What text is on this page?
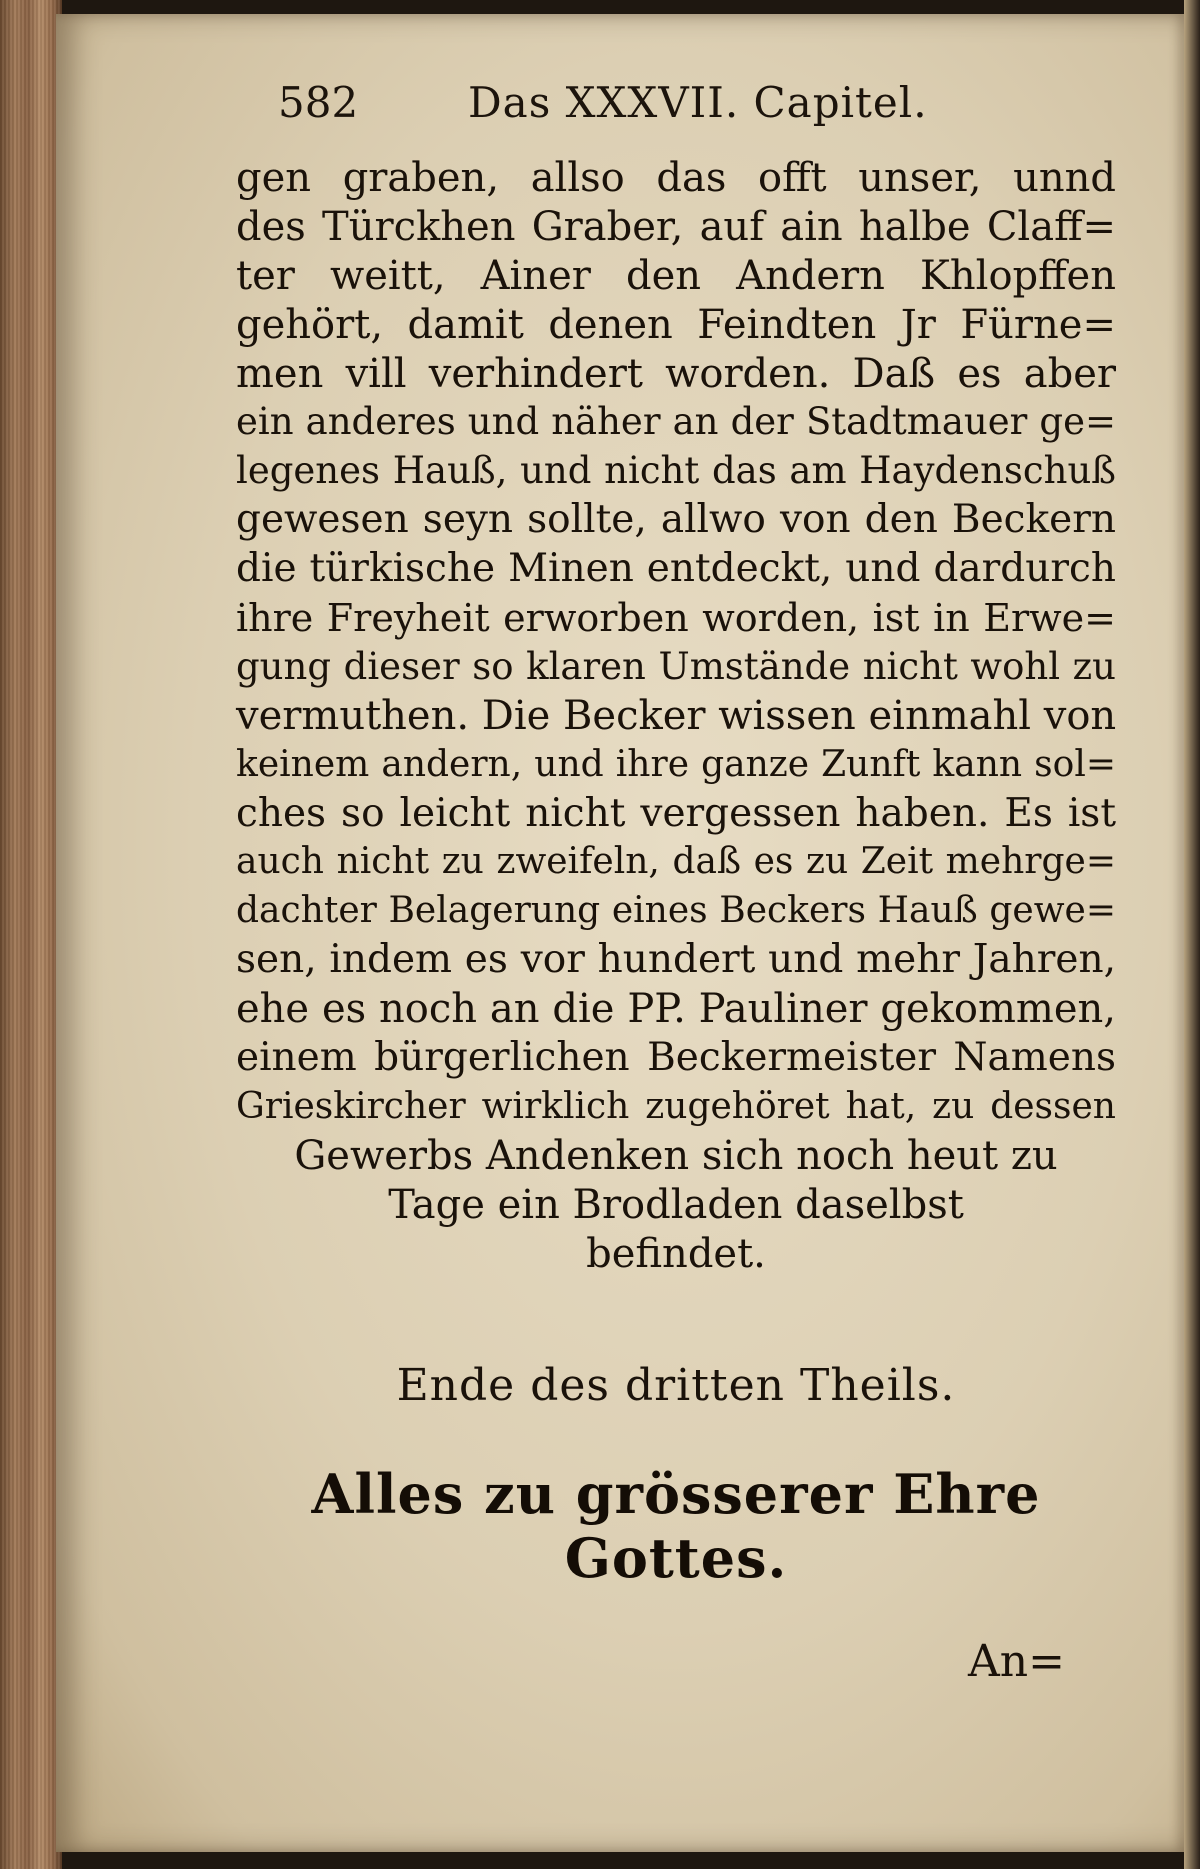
582	Das XXXVII. Capitel.
gen graben, allso das offt unser, unnd
des Türckhen Graber, auf ain halbe Claff=
ter weitt, Ainer den Andern Khlopffen
gehört, damit denen Feindten Jr Fürne=
men vill verhindert worden. Daß es aber
ein anderes und näher an der Stadtmauer ge=
legenes Hauß, und nicht das am Haydenschuß
gewesen seyn sollte, allwo von den Beckern
die türkische Minen entdeckt, und dardurch
ihre Freyheit erworben worden, ist in Erwe=
gung dieser so klaren Umstände nicht wohl zu
vermuthen. Die Becker wissen einmahl von
keinem andern, und ihre ganze Zunft kann sol=
ches so leicht nicht vergessen haben. Es ist
auch nicht zu zweifeln, daß es zu Zeit mehrge=
dachter Belagerung eines Beckers Hauß gewe=
sen, indem es vor hundert und mehr Jahren,
ehe es noch an die PP. Pauliner gekommen,
einem bürgerlichen Beckermeister Namens
Grieskircher wirklich zugehöret hat, zu dessen
Gewerbs Andenken sich noch heut zu
Tage ein Brodladen daselbst
befindet.
Ende des dritten Theils.
Alles zu grösserer Ehre Gottes.
An=
